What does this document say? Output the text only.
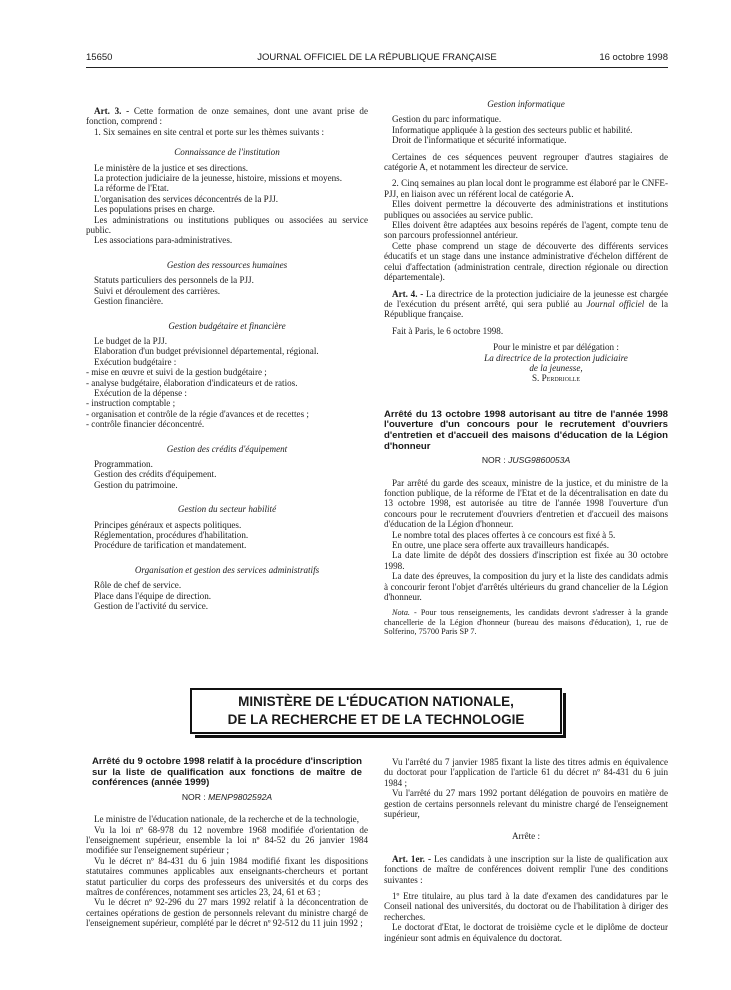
15650	JOURNAL OFFICIEL DE LA RÉPUBLIQUE FRANÇAISE	16 octobre 1998

Art. 3. - Cette formation de onze semaines, dont une avant prise de fonction, comprend :

1. Six semaines en site central et porte sur les thèmes suivants :

Connaissance de l'institution

Le ministère de la justice et ses directions.

La protection judiciaire de la jeunesse, histoire, missions et moyens.

La réforme de l'Etat.

L'organisation des services déconcentrés de la PJJ.

Les populations prises en charge.

Les administrations ou institutions publiques ou associées au service public.

Les associations para-administratives.

Gestion des ressources humaines

Statuts particuliers des personnels de la PJJ.

Suivi et déroulement des carrières.

Gestion financière.

Gestion budgétaire et financière

Le budget de la PJJ.

Elaboration d'un budget prévisionnel départemental, régional.

Exécution budgétaire :

- mise en œuvre et suivi de la gestion budgétaire ;

- analyse budgétaire, élaboration d'indicateurs et de ratios.

Exécution de la dépense :

- instruction comptable ;

- organisation et contrôle de la régie d'avances et de recettes ;

- contrôle financier déconcentré.

Gestion des crédits d'équipement

Programmation.

Gestion des crédits d'équipement.

Gestion du patrimoine.

Gestion du secteur habilité

Principes généraux et aspects politiques.

Réglementation, procédures d'habilitation.

Procédure de tarification et mandatement.

Organisation et gestion des services administratifs

Rôle de chef de service.

Place dans l'équipe de direction.

Gestion de l'activité du service.

Gestion informatique

Gestion du parc informatique.

Informatique appliquée à la gestion des secteurs public et habilité.

Droit de l'informatique et sécurité informatique.

Certaines de ces séquences peuvent regrouper d'autres stagiaires de catégorie A, et notamment les directeur de service.

2. Cinq semaines au plan local dont le programme est élaboré par le CNFE-PJJ, en liaison avec un référent local de catégorie A.

Elles doivent permettre la découverte des administrations et institutions publiques ou associées au service public.

Elles doivent être adaptées aux besoins repérés de l'agent, compte tenu de son parcours professionnel antérieur.

Cette phase comprend un stage de découverte des différents services éducatifs et un stage dans une instance administrative d'échelon différent de celui d'affectation (administration centrale, direction régionale ou direction départementale).

Art. 4. - La directrice de la protection judiciaire de la jeunesse est chargée de l'exécution du présent arrêté, qui sera publié au Journal officiel de la République française.

Fait à Paris, le 6 octobre 1998.

Pour le ministre et par délégation :

La directrice de la protection judiciaire

de la jeunesse,

S. Perdriolle

Arrêté du 13 octobre 1998 autorisant au titre de l'année 1998 l'ouverture d'un concours pour le recrutement d'ouvriers d'entretien et d'accueil des maisons d'éducation de la Légion d'honneur

NOR : JUSG9860053A

Par arrêté du garde des sceaux, ministre de la justice, et du ministre de la fonction publique, de la réforme de l'Etat et de la décentralisation en date du 13 octobre 1998, est autorisée au titre de l'année 1998 l'ouverture d'un concours pour le recrutement d'ouvriers d'entretien et d'accueil des maisons d'éducation de la Légion d'honneur.

Le nombre total des places offertes à ce concours est fixé à 5.

En outre, une place sera offerte aux travailleurs handicapés.

La date limite de dépôt des dossiers d'inscription est fixée au 30 octobre 1998.

La date des épreuves, la composition du jury et la liste des candidats admis à concourir feront l'objet d'arrêtés ultérieurs du grand chancelier de la Légion d'honneur.

Nota. - Pour tous renseignements, les candidats devront s'adresser à la grande chancellerie de la Légion d'honneur (bureau des maisons d'éducation), 1, rue de Solferino, 75700 Paris SP 7.

MINISTÈRE DE L'ÉDUCATION NATIONALE,
DE LA RECHERCHE ET DE LA TECHNOLOGIE

Arrêté du 9 octobre 1998 relatif à la procédure d'inscription sur la liste de qualification aux fonctions de maître de conférences (année 1999)

NOR : MENP9802592A

Le ministre de l'éducation nationale, de la recherche et de la technologie,

Vu la loi nº 68-978 du 12 novembre 1968 modifiée d'orientation de l'enseignement supérieur, ensemble la loi nº 84-52 du 26 janvier 1984 modifiée sur l'enseignement supérieur ;

Vu le décret nº 84-431 du 6 juin 1984 modifié fixant les dispositions statutaires communes applicables aux enseignants-chercheurs et portant statut particulier du corps des professeurs des universités et du corps des maîtres de conférences, notamment ses articles 23, 24, 61 et 63 ;

Vu le décret nº 92-296 du 27 mars 1992 relatif à la déconcentration de certaines opérations de gestion de personnels relevant du ministre chargé de l'enseignement supérieur, complété par le décret nº 92-512 du 11 juin 1992 ;

Vu l'arrêté du 7 janvier 1985 fixant la liste des titres admis en équivalence du doctorat pour l'application de l'article 61 du décret nº 84-431 du 6 juin 1984 ;

Vu l'arrêté du 27 mars 1992 portant délégation de pouvoirs en matière de gestion de certains personnels relevant du ministre chargé de l'enseignement supérieur,

Arrête :

Art. 1er. - Les candidats à une inscription sur la liste de qualification aux fonctions de maître de conférences doivent remplir l'une des conditions suivantes :

1º Etre titulaire, au plus tard à la date d'examen des candidatures par le Conseil national des universités, du doctorat ou de l'habilitation à diriger des recherches.

Le doctorat d'Etat, le doctorat de troisième cycle et le diplôme de docteur ingénieur sont admis en équivalence du doctorat.
